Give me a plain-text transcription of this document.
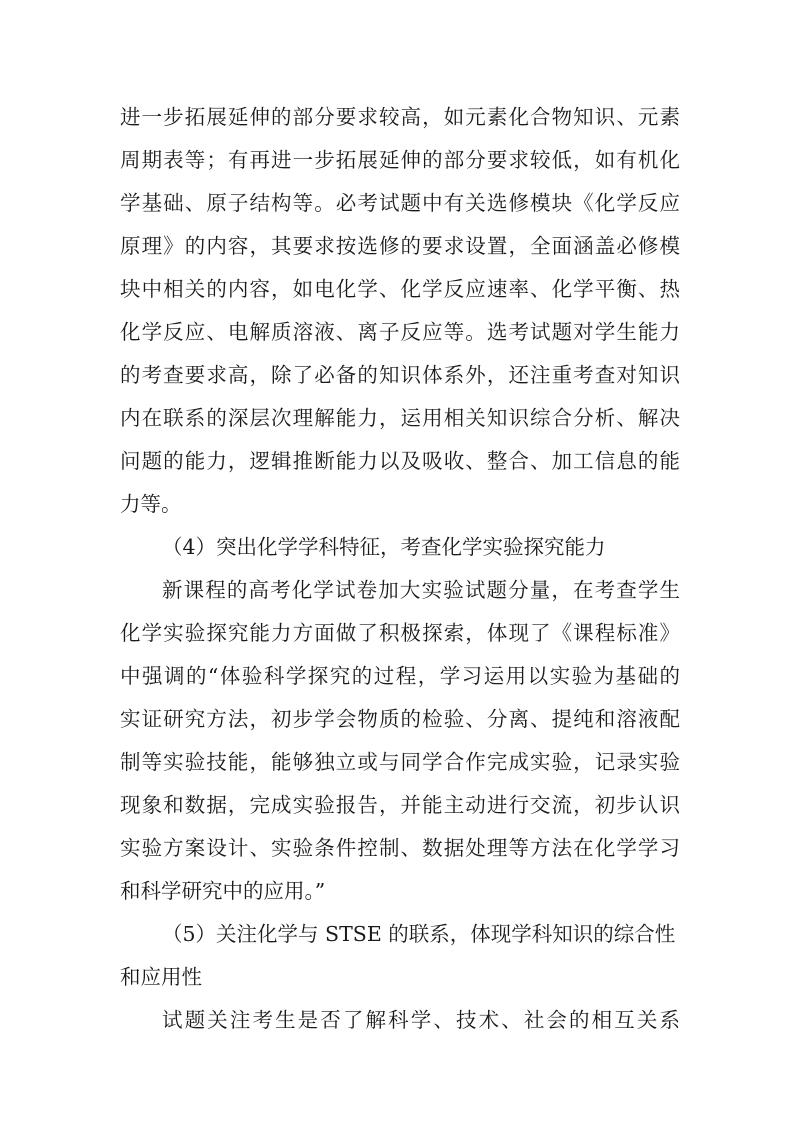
进一步拓展延伸的部分要求较高，如元素化合物知识、元素
周期表等；有再进一步拓展延伸的部分要求较低，如有机化
学基础、原子结构等。必考试题中有关选修模块《化学反应
原理》的内容，其要求按选修的要求设置，全面涵盖必修模
块中相关的内容，如电化学、化学反应速率、化学平衡、热
化学反应、电解质溶液、离子反应等。选考试题对学生能力
的考查要求高，除了必备的知识体系外，还注重考查对知识
内在联系的深层次理解能力，运用相关知识综合分析、解决
问题的能力，逻辑推断能力以及吸收、整合、加工信息的能
力等。
（4）突出化学学科特征，考查化学实验探究能力
新课程的高考化学试卷加大实验试题分量，在考查学生
化学实验探究能力方面做了积极探索，体现了《课程标准》
中强调的“体验科学探究的过程，学习运用以实验为基础的
实证研究方法，初步学会物质的检验、分离、提纯和溶液配
制等实验技能，能够独立或与同学合作完成实验，记录实验
现象和数据，完成实验报告，并能主动进行交流，初步认识
实验方案设计、实验条件控制、数据处理等方法在化学学习
和科学研究中的应用。”
（5）关注化学与 STSE 的联系，体现学科知识的综合性
和应用性
试题关注考生是否了解科学、技术、社会的相互关系
